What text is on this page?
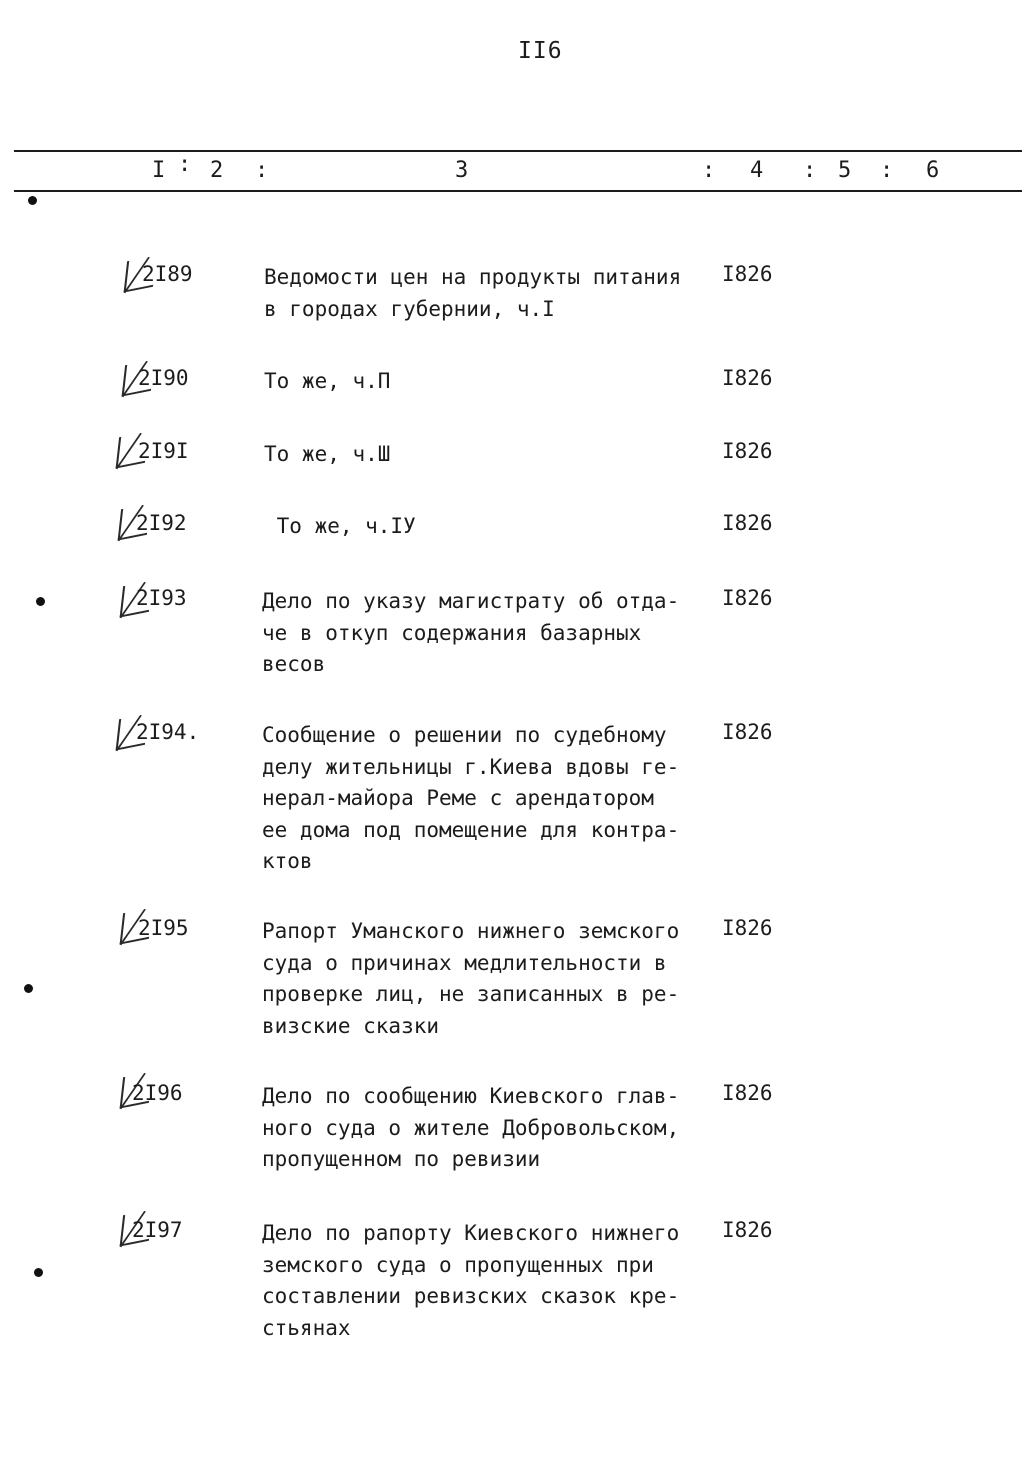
II6
I : 2 :	3	: 4 : 5 : 6
2I89	Ведомости цен на продукты питания
в городах губернии, ч.I
I826
2I90	То же, ч.П	I826
2I9I	То же, ч.Ш	I826
2I92	То же, ч.IУ	I826
2I93	Дело по указу магистрату об отда-
че в откуп содержания базарных
весов
I826
2I94.	Сообщение о решении по судебному
делу жительницы г.Киева вдовы ге-
нерал-майора Реме с арендатором
ее дома под помещение для контра-
ктов
I826
2I95	Рапорт Уманского нижнего земского
суда о причинах медлительности в
проверке лиц, не записанных в ре-
визские сказки
I826
2I96	Дело по сообщению Киевского глав-
ного суда о жителе Добровольском,
пропущенном по ревизии
I826
2I97	Дело по рапорту Киевского нижнего
земского суда о пропущенных при
составлении ревизских сказок кре-
стьянах
I826
